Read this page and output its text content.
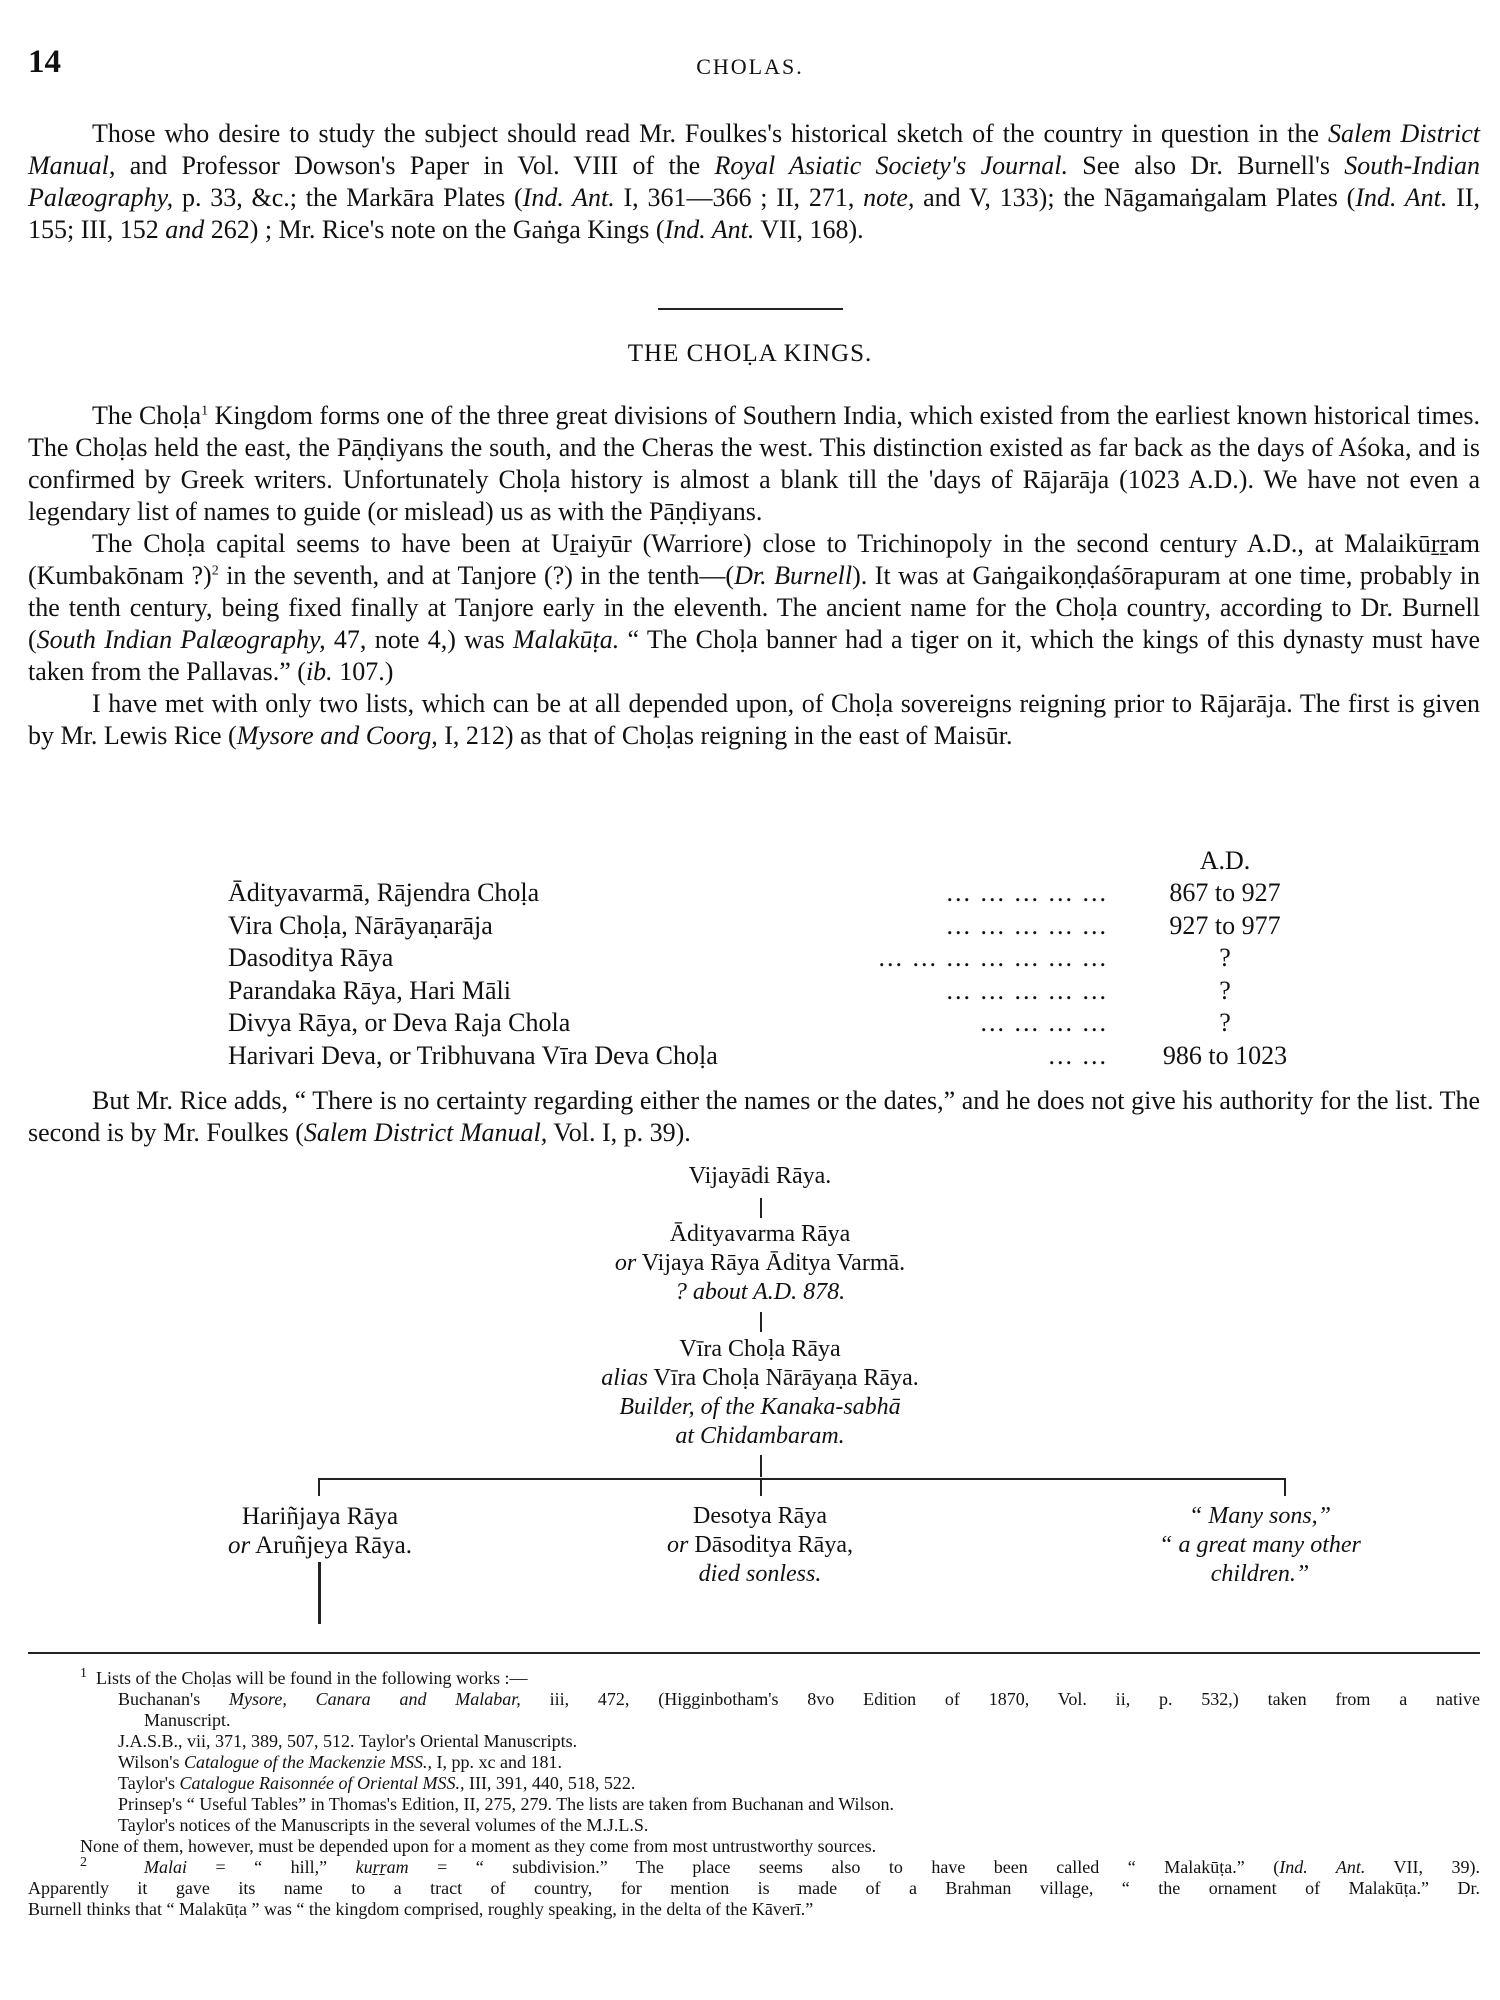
14	CHOLAS.

Those who desire to study the subject should read Mr. Foulkes's historical sketch of the country in question in the Salem District Manual, and Professor Dowson's Paper in Vol. VIII of the Royal Asiatic Society's Journal. See also Dr. Burnell's South-Indian Palæography, p. 33, &c.; the Markāra Plates (Ind. Ant. I, 361—366 ; II, 271, note, and V, 133); the Nāgamaṅgalam Plates (Ind. Ant. II, 155; III, 152 and 262) ; Mr. Rice's note on the Gaṅga Kings (Ind. Ant. VII, 168).

THE CHOḶA KINGS.

The Choḷa$^1$ Kingdom forms one of the three great divisions of Southern India, which existed from the earliest known historical times. The Choḷas held the east, the Pāṇḍiyans the south, and the Cheras the west. This distinction existed as far back as the days of Aśoka, and is confirmed by Greek writers. Unfortunately Choḷa history is almost a blank till the 'days of Rājarāja (1023 A.D.). We have not even a legendary list of names to guide (or mislead) us as with the Pāṇḍiyans.

The Choḷa capital seems to have been at Uṟaiyūr (Warriore) close to Trichinopoly in the second century A.D., at Malaikūṟṟam (Kumbakōnam ?)$^2$ in the seventh, and at Tanjore (?) in the tenth—(Dr. Burnell). It was at Gaṅgaikoṇḍaśōrapuram at one time, probably in the tenth century, being fixed finally at Tanjore early in the eleventh. The ancient name for the Choḷa country, according to Dr. Burnell (South Indian Palæography, 47, note 4,) was Malakūṭa. “ The Choḷa banner had a tiger on it, which the kings of this dynasty must have taken from the Pallavas.” (ib. 107.)

I have met with only two lists, which can be at all depended upon, of Choḷa sovereigns reigning prior to Rājarāja. The first is given by Mr. Lewis Rice (Mysore and Coorg, I, 212) as that of Choḷas reigning in the east of Maisūr.

A.D.
Ādityavarmā, Rājendra Choḷa	... ... ... ... ...	867 to 927
Vira Choḷa, Nārāyaṇarāja	... ... ... ... ...	927 to 977
Dasoditya Rāya	... ... ... ... ... ... ...	?
Parandaka Rāya, Hari Māli	... ... ... ... ...	?
Divya Rāya, or Deva Raja Chola	... ... ... ...	?
Harivari Deva, or Tribhuvana Vīra Deva Choḷa	... ...	986 to 1023

But Mr. Rice adds, “ There is no certainty regarding either the names or the dates,” and he does not give his authority for the list. The second is by Mr. Foulkes (Salem District Manual, Vol. I, p. 39).

Vijayādi Rāya.
Ādityavarma Rāya
or Vijaya Rāya Āditya Varmā.
? about A.D. 878.
Vīra Choḷa Rāya
alias Vīra Choḷa Nārāyaṇa Rāya.
Builder, of the Kanaka-sabhā
at Chidambaram.
Hariñjaya Rāya
or Aruñjeya Rāya.
Desotya Rāya
or Dāsoditya Rāya,
died sonless.
“ Many sons,”
“ a great many other
children.”
$^1$ Lists of the Choḷas will be found in the following works :—
Buchanan's Mysore, Canara and Malabar, iii, 472, (Higginbotham's 8vo Edition of 1870, Vol. ii, p. 532,) taken from a native
Manuscript.
J.A.S.B., vii, 371, 389, 507, 512. Taylor's Oriental Manuscripts.
Wilson's Catalogue of the Mackenzie MSS., I, pp. xc and 181.
Taylor's Catalogue Raisonnée of Oriental MSS., III, 391, 440, 518, 522.
Prinsep's “ Useful Tables” in Thomas's Edition, II, 275, 279. The lists are taken from Buchanan and Wilson.
Taylor's notices of the Manuscripts in the several volumes of the M.J.L.S.
None of them, however, must be depended upon for a moment as they come from most untrustworthy sources.
$^2$	Malai = “ hill,” kuṟṟam = “ subdivision.” The place seems also to have been called “ Malakūṭa.” (Ind. Ant. VII, 39).
Apparently it gave its name to a tract of country, for mention is made of a Brahman village, “ the ornament of Malakūṭa.” Dr.
Burnell thinks that “ Malakūṭa ” was “ the kingdom comprised, roughly speaking, in the delta of the Kāverī.”
